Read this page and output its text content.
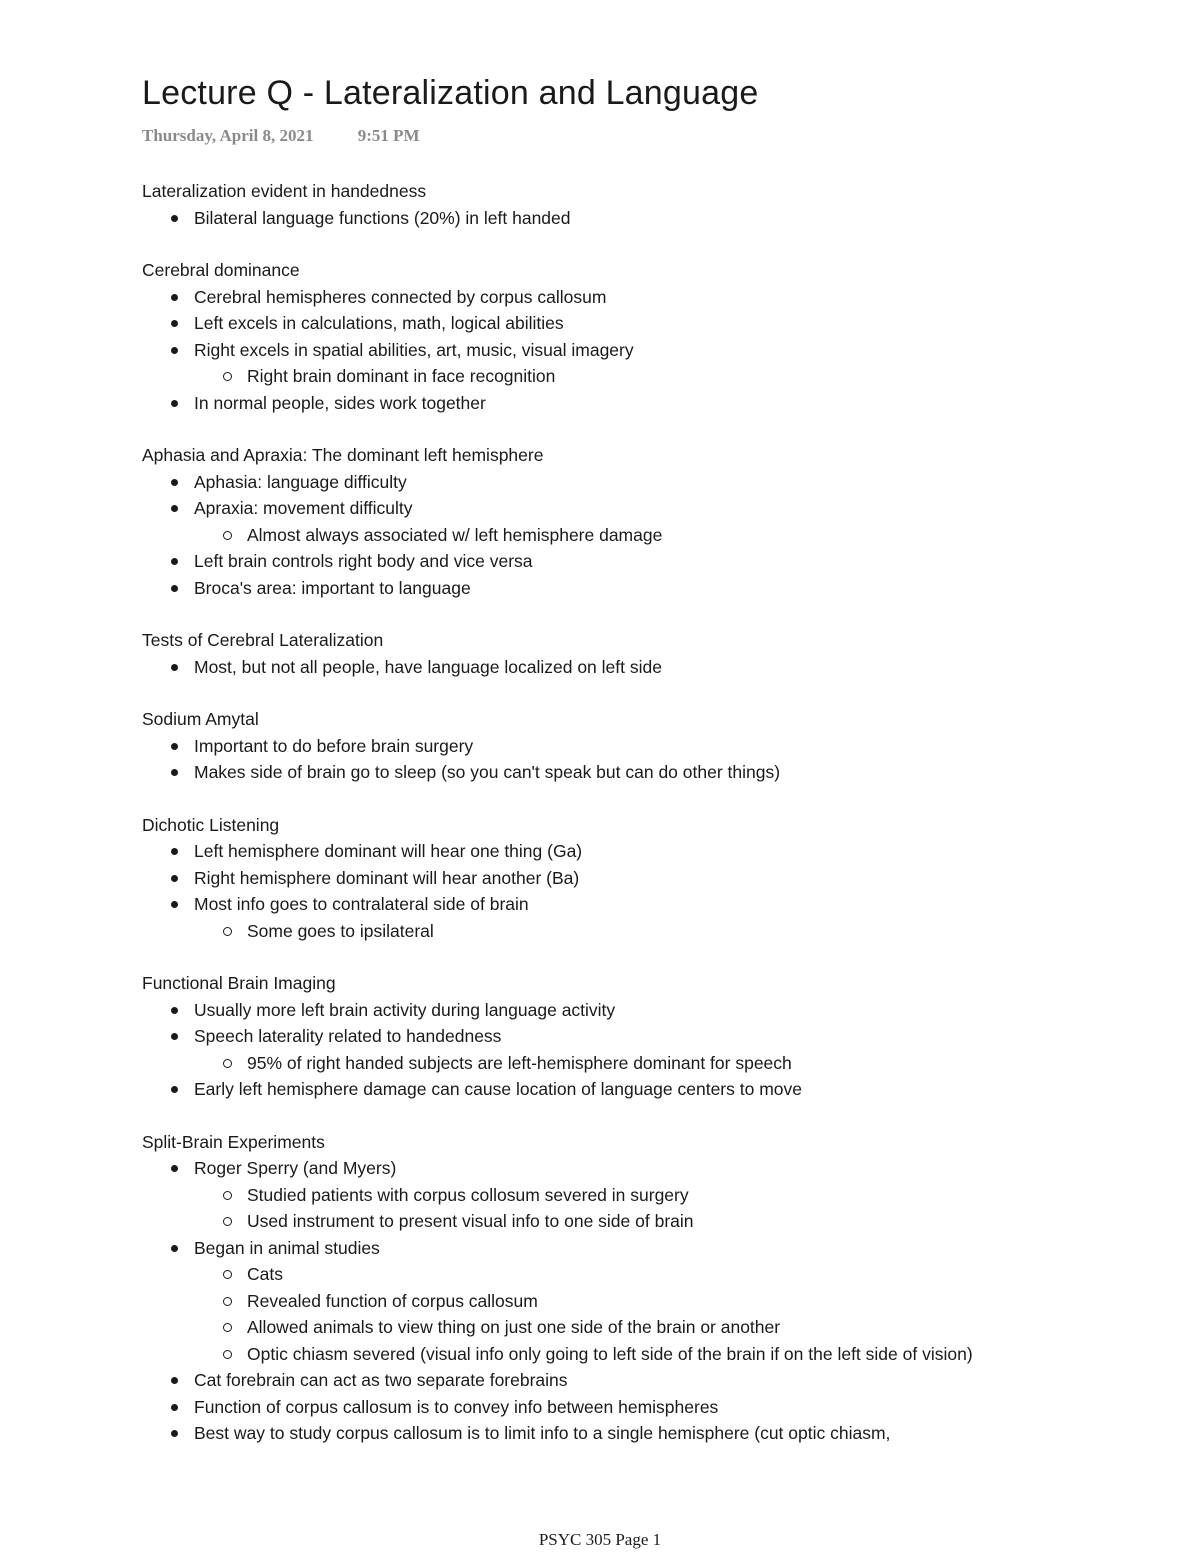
Lecture Q - Lateralization and Language
Thursday, April 8, 2021	9:51 PM
Lateralization evident in handedness
Bilateral language functions (20%) in left handed
Cerebral dominance
Cerebral hemispheres connected by corpus callosum
Left excels in calculations, math, logical abilities
Right excels in spatial abilities, art, music, visual imagery
Right brain dominant in face recognition
In normal people, sides work together
Aphasia and Apraxia: The dominant left hemisphere
Aphasia: language difficulty
Apraxia: movement difficulty
Almost always associated w/ left hemisphere damage
Left brain controls right body and vice versa
Broca's area: important to language
Tests of Cerebral Lateralization
Most, but not all people, have language localized on left side
Sodium Amytal
Important to do before brain surgery
Makes side of brain go to sleep (so you can't speak but can do other things)
Dichotic Listening
Left hemisphere dominant will hear one thing (Ga)
Right hemisphere dominant will hear another (Ba)
Most info goes to contralateral side of brain
Some goes to ipsilateral
Functional Brain Imaging
Usually more left brain activity during language activity
Speech laterality related to handedness
95% of right handed subjects are left-hemisphere dominant for speech
Early left hemisphere damage can cause location of language centers to move
Split-Brain Experiments
Roger Sperry (and Myers)
Studied patients with corpus collosum severed in surgery
Used instrument to present visual info to one side of brain
Began in animal studies
Cats
Revealed function of corpus callosum
Allowed animals to view thing on just one side of the brain or another
Optic chiasm severed (visual info only going to left side of the brain if on the left side of vision)
Cat forebrain can act as two separate forebrains
Function of corpus callosum is to convey info between hemispheres
Best way to study corpus callosum is to limit info to a single hemisphere (cut optic chiasm,
PSYC 305 Page 1
